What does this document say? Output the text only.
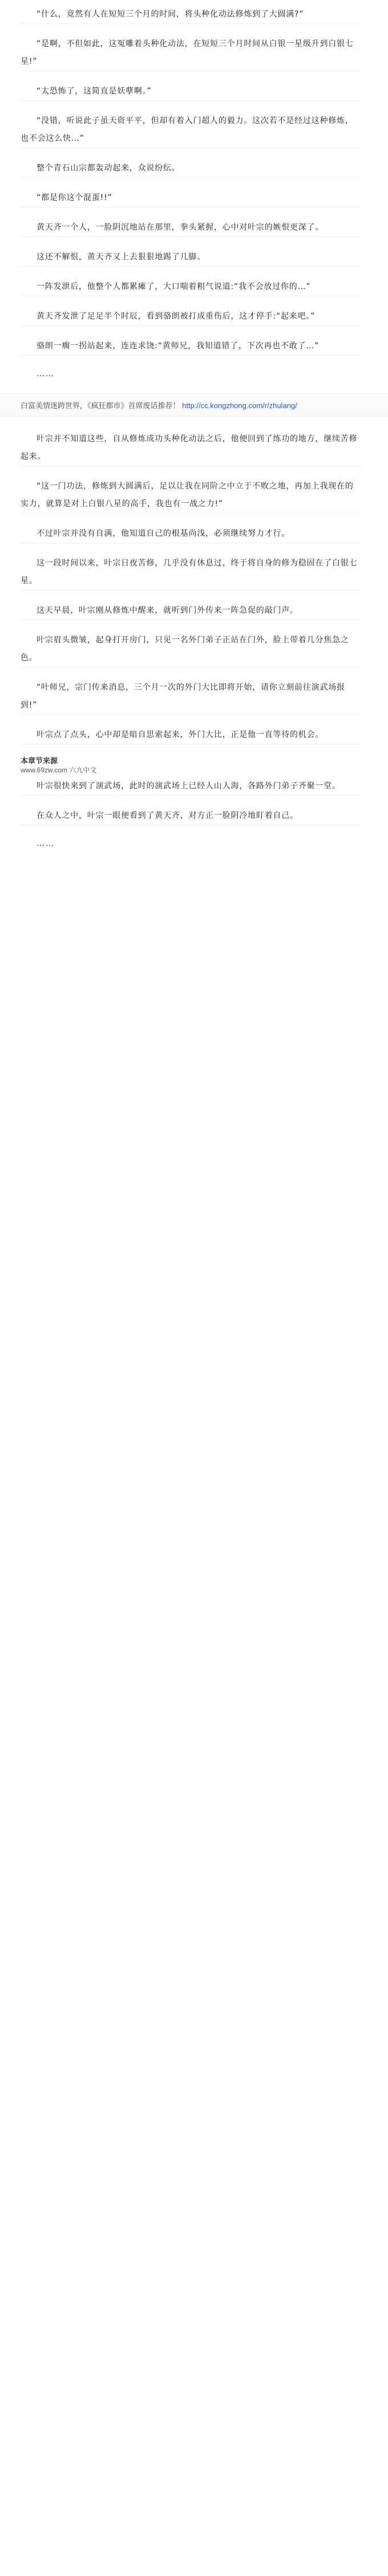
“什么，竟然有人在短短三个月的时间，将头种化动法修炼到了大圆满?”

“是啊，不但如此，这冤雕着头种化动法，在短短三个月时间从白银一星级升到白银七星!”

“太恐怖了，这简直是妖孽啊。”

“没错，听说此子虽天资平平，但却有着入门超人的毅力。这次若不是经过这种修炼，也不会这么快…”

整个青石山宗都轰动起来，众说纷纭。

“都是你这个混蛋!!”

黄天齐一个人，一脸阴沉地站在那里，拳头紧握，心中对叶宗的嫉恨更深了。

这还不解恨，黄天齐又上去狠狠地踢了几脚。

一阵发泄后，他整个人都累瘫了，大口喘着粗气说道:“我不会放过你的…”

黄天齐发泄了足足半个时辰，看到骆朗被打成重伤后，这才停手:“起来吧。”

骆朗一瘸一拐站起来，连连求饶:“黄师兄，我知道错了，下次再也不敢了…”

……
白富美情迷跨世界，《疯狂都市》首席废话推荐！ http://cc.kongzhong.com/r/zhulang/

叶宗并不知道这些，自从修炼成功头种化动法之后，他便回到了练功的地方，继续苦修起来。

“这一门功法，修炼到大圆满后，足以让我在同阶之中立于不败之地，再加上我现在的实力，就算是对上白银八星的高手，我也有一战之力!”

不过叶宗并没有自满，他知道自己的根基尚浅，必须继续努力才行。

这一段时间以来，叶宗日夜苦修，几乎没有休息过，终于将自身的修为稳固在了白银七星。

这天早晨，叶宗刚从修炼中醒来，就听到门外传来一阵急促的敲门声。

叶宗眉头微皱，起身打开房门，只见一名外门弟子正站在门外，脸上带着几分焦急之色。

“叶师兄，宗门传来消息，三个月一次的外门大比即将开始，请你立刻前往演武场报到!”

叶宗点了点头，心中却是暗自思索起来，外门大比，正是他一直等待的机会。

本章节来源
www.69zw.com 六九中文

叶宗很快来到了演武场，此时的演武场上已经人山人海，各路外门弟子齐聚一堂。

在众人之中，叶宗一眼便看到了黄天齐，对方正一脸阴冷地盯着自己。

……
